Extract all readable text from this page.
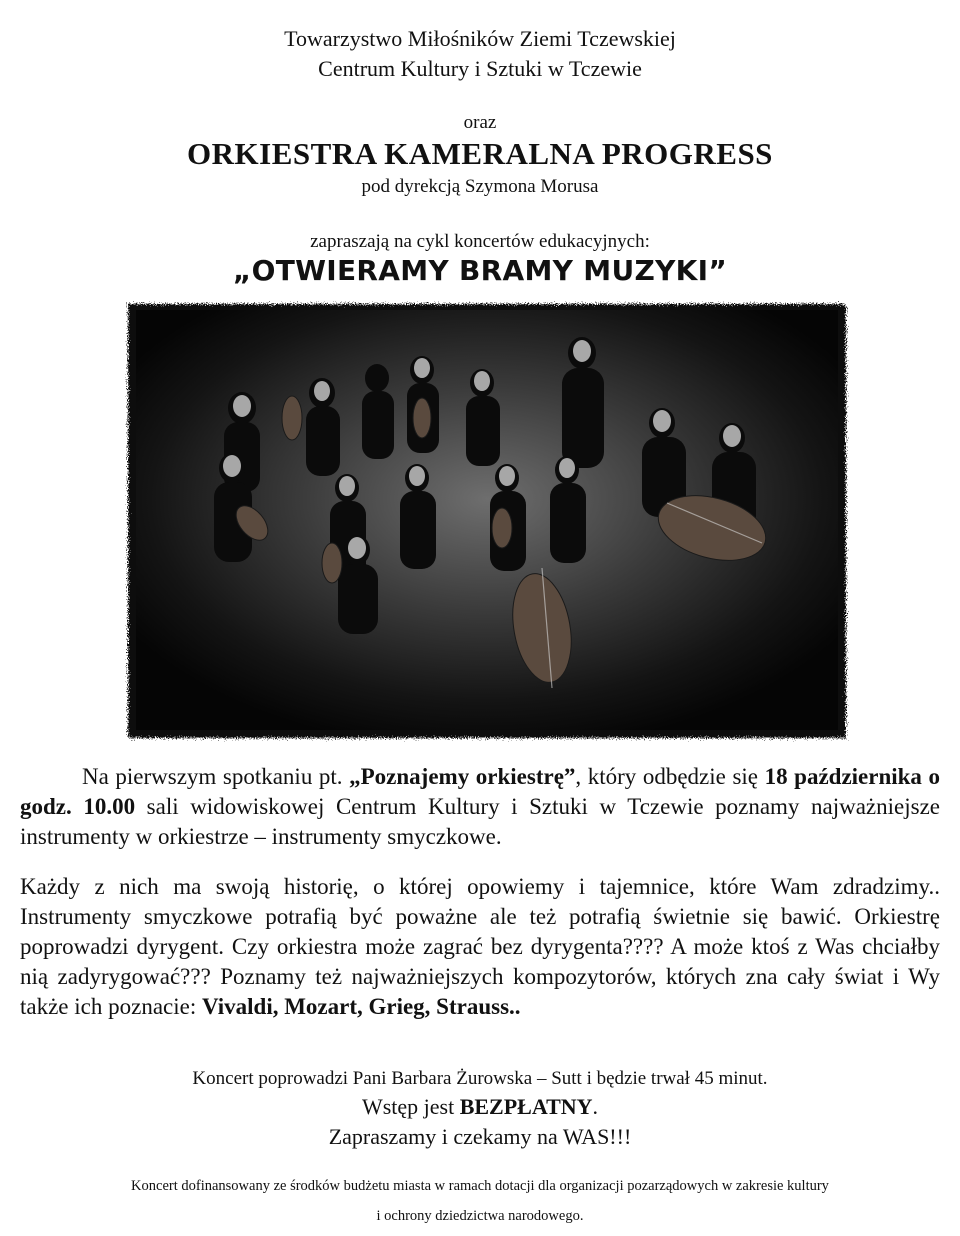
Towarzystwo Miłośników Ziemi Tczewskiej
Centrum Kultury i Sztuki w Tczewie
oraz
ORKIESTRA KAMERALNA PROGRESS
pod dyrekcją Szymona Morusa
zapraszają na cykl koncertów edukacyjnych:
„OTWIERAMY BRAMY MUZYKI”
Na pierwszym spotkaniu pt. „Poznajemy orkiestrę”, który odbędzie się 18 października o godz. 10.00 sali widowiskowej Centrum Kultury i Sztuki w Tczewie poznamy najważniejsze instrumenty w orkiestrze – instrumenty smyczkowe.
Każdy z nich ma swoją historię, o której opowiemy i tajemnice, które Wam zdradzimy.. Instrumenty smyczkowe potrafią być poważne ale też potrafią świetnie się bawić. Orkiestrę poprowadzi dyrygent. Czy orkiestra może zagrać bez dyrygenta???? A może ktoś z Was chciałby nią zadyrygować??? Poznamy też najważniejszych kompozytorów, których zna cały świat i Wy także ich poznacie: Vivaldi, Mozart, Grieg, Strauss..
Koncert poprowadzi Pani Barbara Żurowska – Sutt i będzie trwał 45 minut.
Wstęp jest BEZPŁATNY.
Zapraszamy i czekamy na WAS!!!
Koncert dofinansowany ze środków budżetu miasta w ramach dotacji dla organizacji pozarządowych w zakresie kultury
i ochrony dziedzictwa narodowego.
